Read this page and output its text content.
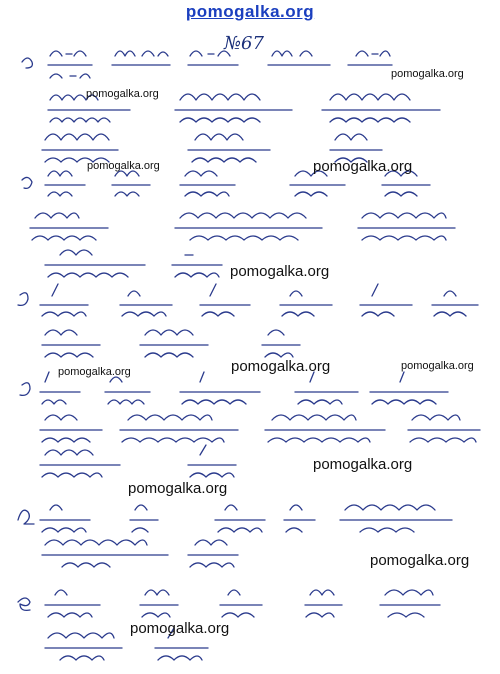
pomogalka.org
№67
pomogalka.org
pomogalka.org
pomogalka.org	pomogalka.org
pomogalka.org
pomogalka.org	pomogalka.org	pomogalka.org
pomogalka.org
pomogalka.org
pomogalka.org
pomogalka.org
